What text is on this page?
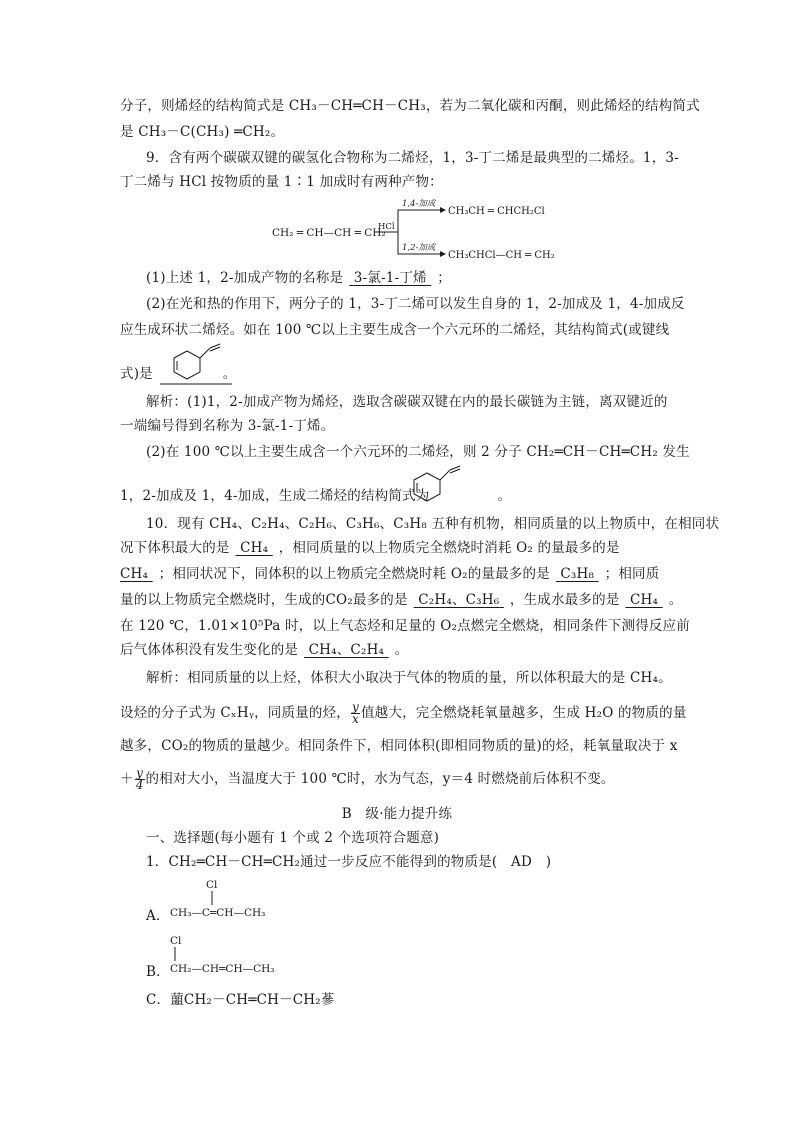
分子，则烯烃的结构简式是 CH₃－CH═CH－CH₃，若为二氧化碳和丙酮，则此烯烃的结构简式
是 CH₃－C(CH₃) ═CH₂。
9．含有两个碳碳双键的碳氢化合物称为二烯烃，1，3-丁二烯是最典型的二烯烃。1，3-
丁二烯与 HCl 按物质的量 1∶1 加成时有两种产物：
CH₂ ═ CH—CH ═ CH₂
HCl
1,4-加成
CH₃CH ═ CHCH₂Cl
1,2-加成
CH₃CHCl—CH ═ CH₂
(1)上述 1，2-加成产物的名称是 3-氯-1-丁烯 ；
(2)在光和热的作用下，两分子的 1，3-丁二烯可以发生自身的 1，2-加成及 1，4-加成反
应生成环状二烯烃。如在 100 ℃以上主要生成含一个六元环的二烯烃，其结构简式(或键线
式)是	。
解析：(1)1，2-加成产物为烯烃，选取含碳碳双键在内的最长碳链为主链，离双键近的
一端编号得到名称为 3-氯-1-丁烯。
(2)在 100 ℃以上主要生成含一个六元环的二烯烃，则 2 分子 CH₂═CH－CH═CH₂ 发生
1，2-加成及 1，4-加成，生成二烯烃的结构简式为	。
10．现有 CH₄、C₂H₄、C₂H₆、C₃H₆、C₃H₈ 五种有机物，相同质量的以上物质中，在相同状
况下体积最大的是 CH₄ ，相同质量的以上物质完全燃烧时消耗 O₂ 的量最多的是
CH₄ ；相同状况下，同体积的以上物质完全燃烧时耗 O₂的量最多的是 C₃H₈ ；相同质
量的以上物质完全燃烧时，生成的CO₂最多的是 C₂H₄、C₃H₆ ，生成水最多的是 CH₄ 。
在 120 ℃，1.01×10⁵Pa 时，以上气态烃和足量的 O₂点燃完全燃烧，相同条件下测得反应前
后气体体积没有发生变化的是 CH₄、C₂H₄ 。
解析：相同质量的以上烃，体积大小取决于气体的物质的量，所以体积最大的是 CH₄。
设烃的分子式为 CₓHᵧ，同质量的烃， $\frac{y}{x}$ 值越大，完全燃烧耗氧量越多，生成 H₂O 的物质的量
越多，CO₂的物质的量越少。相同条件下，相同体积(即相同物质的量)的烃，耗氧量取决于 x
＋ $\frac{y}{4}$ 的相对大小，当温度大于 100 ℃时，水为气态，y＝4 时燃烧前后体积不变。
B　级·能力提升练
一、选择题(每小题有 1 个或 2 个选项符合题意)
1．CH₂═CH－CH═CH₂通过一步反应不能得到的物质是(　AD　)
A．
Cl
CH₃—C═CH—CH₃
B．
Cl
CH₂—CH═CH—CH₃
C．蘁CH₂－CH═CH－CH₂蔘
